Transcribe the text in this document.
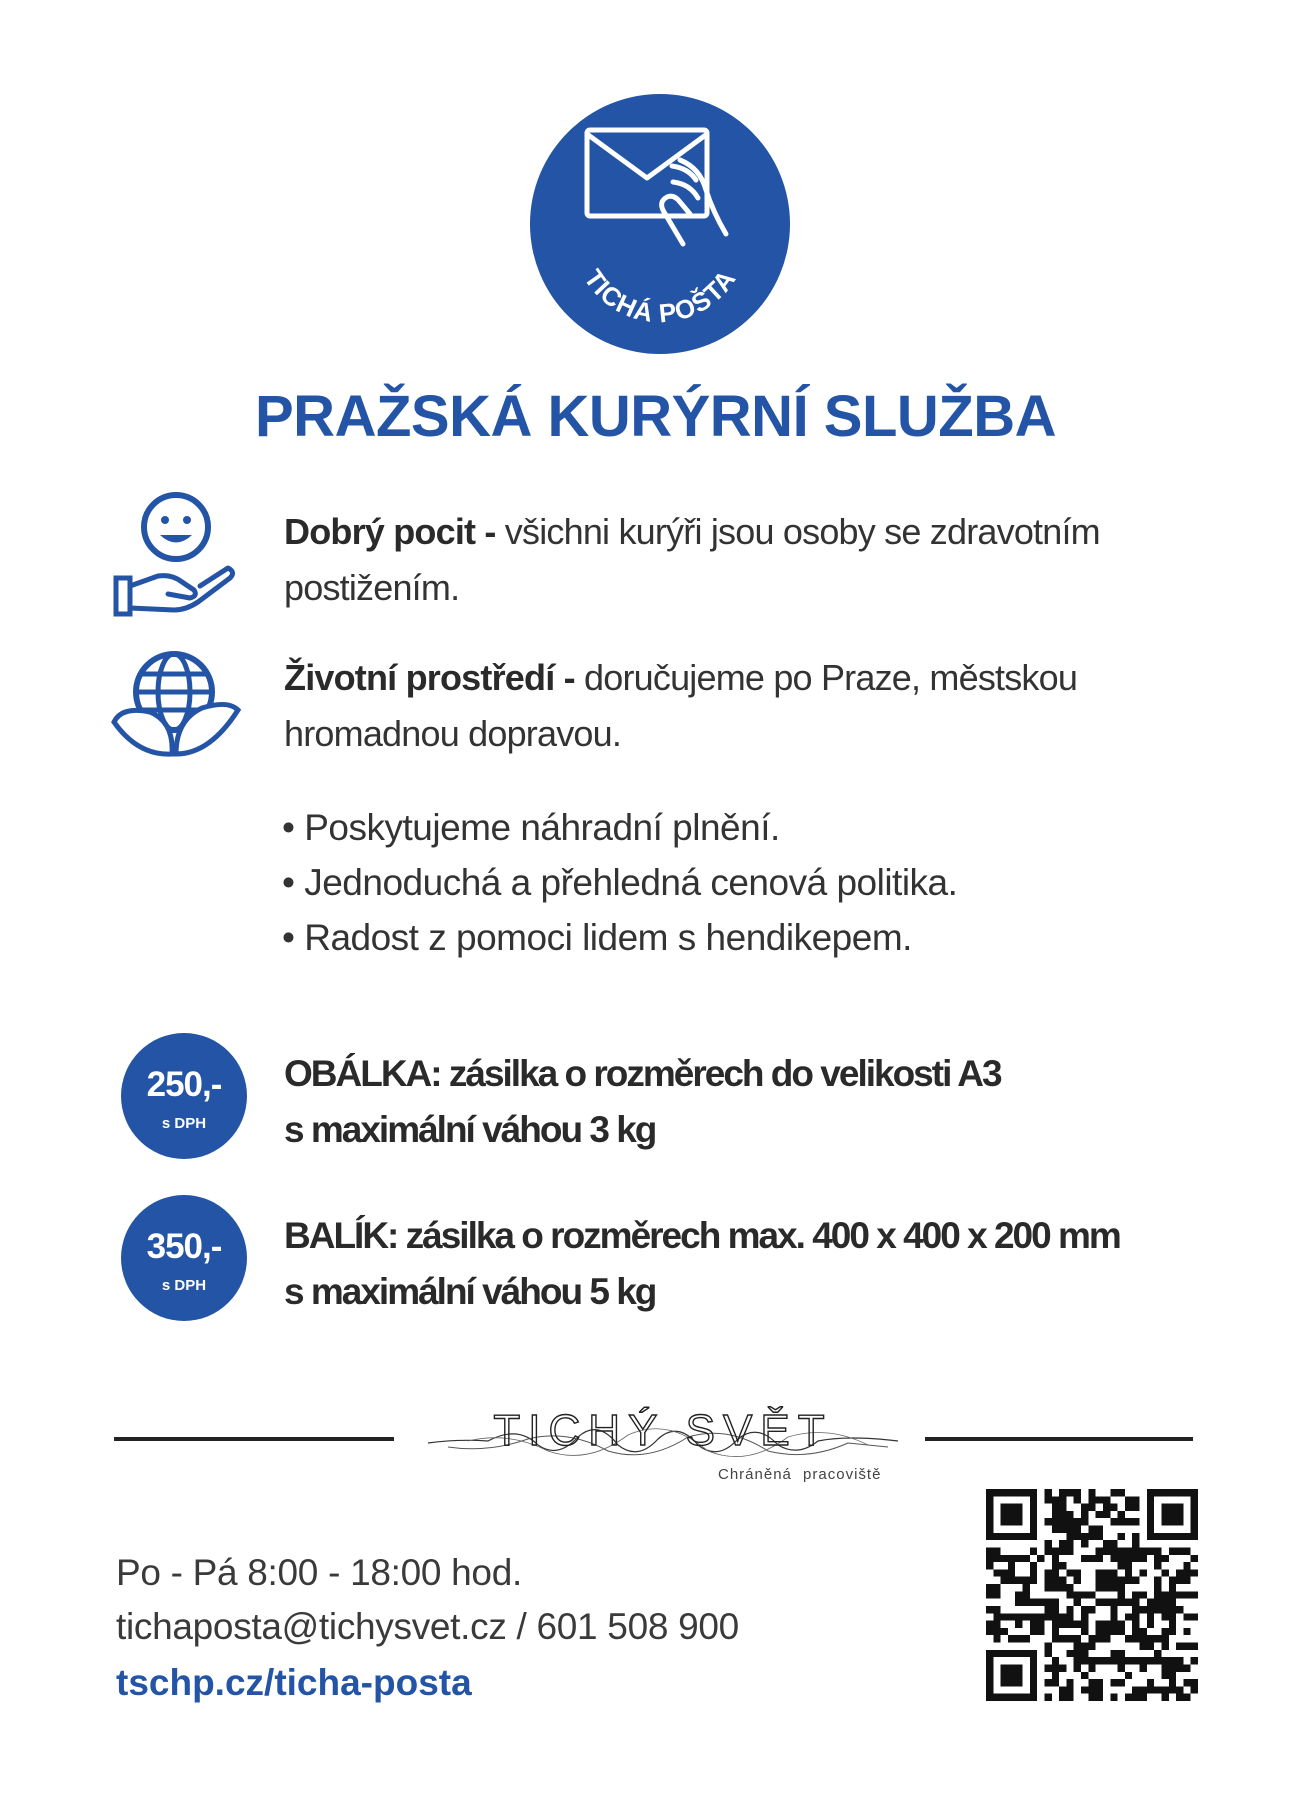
TICHÁ POŠTA
PRAŽSKÁ KURÝRNÍ SLUŽBA
Dobrý pocit - všichni kurýři jsou osoby se zdravotním postižením.
Životní prostředí - doručujeme po Praze, městskou hromadnou dopravou.
• Poskytujeme náhradní plnění.
• Jednoduchá a přehledná cenová politika.
• Radost z pomoci lidem s hendikepem.
250,-
s DPH
OBÁLKA: zásilka o rozměrech do velikosti A3
s maximální váhou 3 kg
350,-
s DPH
BALÍK: zásilka o rozměrech max. 400 x 400 x 200 mm
s maximální váhou 5 kg
TICHÝ SVĚT
Chráněná pracoviště
Po - Pá 8:00 - 18:00 hod.
tichaposta@tichysvet.cz / 601 508 900
tschp.cz/ticha-posta
